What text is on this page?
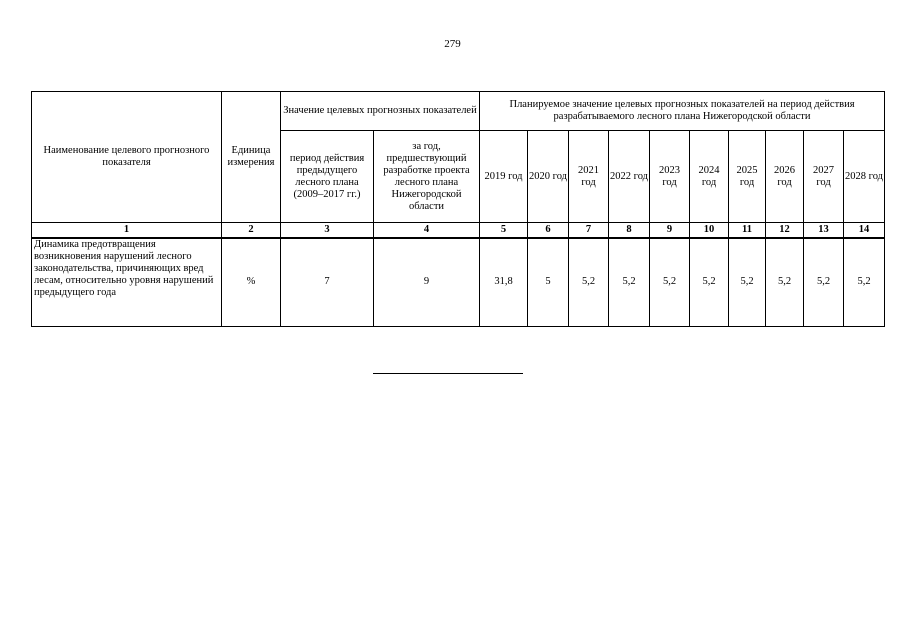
279
Наименование целевого прогнозного показателя	Единица измерения	Значение целевых прогнозных показателей		Планируемое значение целевых прогнозных показателей на период действия разрабатываемого лесного плана Нижегородской области									
		период действия предыдущего лесного плана (2009–2017 гг.)	за год, предшествующий разработке проекта лесного плана Нижегородской области	2019 год	2020 год	2021 год	2022 год	2023 год	2024 год	2025 год	2026 год	2027 год	2028 год
1	2	3	4	5	6	7	8	9	10	11	12	13	14
Динамика предотвращения возникновения нарушений лесного законодательства, причиняющих вред лесам, относительно уровня нарушений предыдущего года	%	7	9	31,8	5	5,2	5,2	5,2	5,2	5,2	5,2	5,2	5,2
